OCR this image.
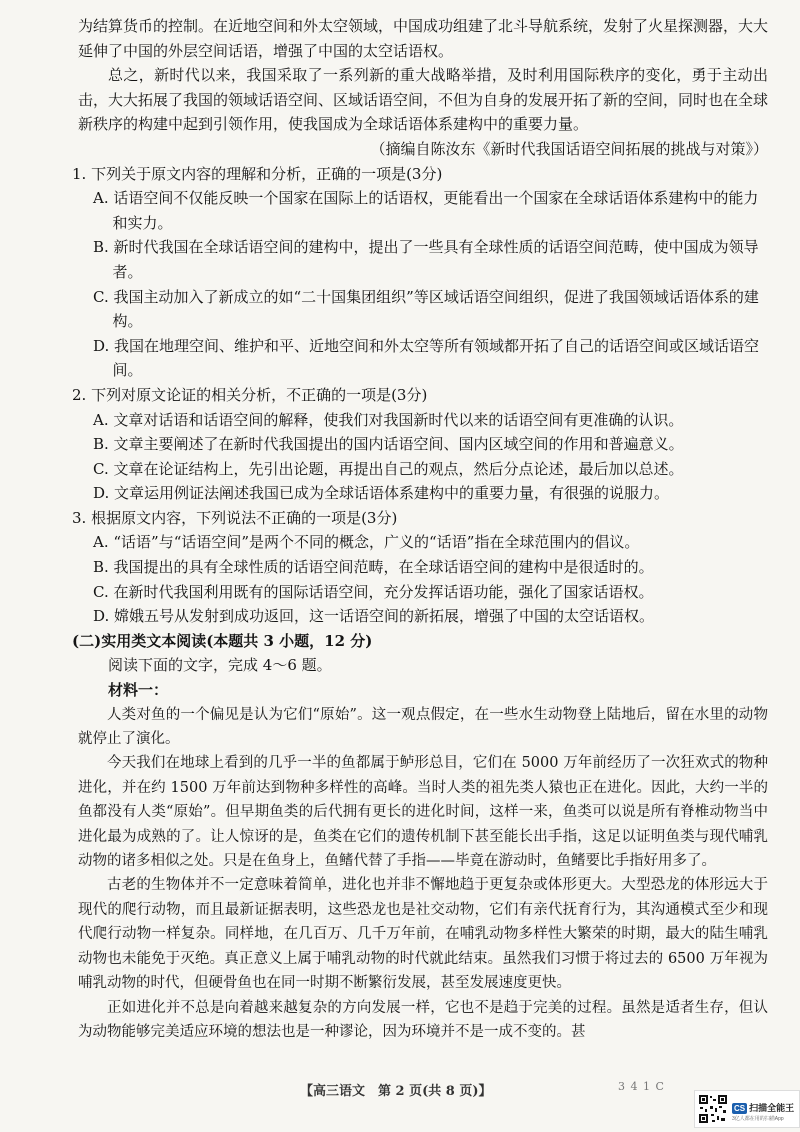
为结算货币的控制。在近地空间和外太空领域，中国成功组建了北斗导航系统，发射了火星探测器，大大延伸了中国的外层空间话语，增强了中国的太空话语权。

总之，新时代以来，我国采取了一系列新的重大战略举措，及时利用国际秩序的变化，勇于主动出击，大大拓展了我国的领域话语空间、区域话语空间，不但为自身的发展开拓了新的空间，同时也在全球新秩序的构建中起到引领作用，使我国成为全球话语体系建构中的重要力量。

（摘编自陈汝东《新时代我国话语空间拓展的挑战与对策》）

1. 下列关于原文内容的理解和分析，正确的一项是(3分)
A. 话语空间不仅能反映一个国家在国际上的话语权，更能看出一个国家在全球话语体系建构中的能力和实力。
B. 新时代我国在全球话语空间的建构中，提出了一些具有全球性质的话语空间范畴，使中国成为领导者。
C. 我国主动加入了新成立的如“二十国集团组织”等区域话语空间组织，促进了我国领域话语体系的建构。
D. 我国在地理空间、维护和平、近地空间和外太空等所有领域都开拓了自己的话语空间或区域话语空间。
2. 下列对原文论证的相关分析，不正确的一项是(3分)
A. 文章对话语和话语空间的解释，使我们对我国新时代以来的话语空间有更准确的认识。
B. 文章主要阐述了在新时代我国提出的国内话语空间、国内区域空间的作用和普遍意义。
C. 文章在论证结构上，先引出论题，再提出自己的观点，然后分点论述，最后加以总述。
D. 文章运用例证法阐述我国已成为全球话语体系建构中的重要力量，有很强的说服力。
3. 根据原文内容，下列说法不正确的一项是(3分)
A. “话语”与“话语空间”是两个不同的概念，广义的“话语”指在全球范围内的倡议。
B. 我国提出的具有全球性质的话语空间范畴，在全球话语空间的建构中是很适时的。
C. 在新时代我国利用既有的国际话语空间，充分发挥话语功能，强化了国家话语权。
D. 嫦娥五号从发射到成功返回，这一话语空间的新拓展，增强了中国的太空话语权。
(二)实用类文本阅读(本题共 3 小题，12 分)
阅读下面的文字，完成 4～6 题。
材料一：

人类对鱼的一个偏见是认为它们“原始”。这一观点假定，在一些水生动物登上陆地后，留在水里的动物就停止了演化。

今天我们在地球上看到的几乎一半的鱼都属于鲈形总目，它们在 5000 万年前经历了一次狂欢式的物种进化，并在约 1500 万年前达到物种多样性的高峰。当时人类的祖先类人猿也正在进化。因此，大约一半的鱼都没有人类“原始”。但早期鱼类的后代拥有更长的进化时间，这样一来，鱼类可以说是所有脊椎动物当中进化最为成熟的了。让人惊讶的是，鱼类在它们的遗传机制下甚至能长出手指，这足以证明鱼类与现代哺乳动物的诸多相似之处。只是在鱼身上，鱼鳍代替了手指——毕竟在游动时，鱼鳍要比手指好用多了。

古老的生物体并不一定意味着简单，进化也并非不懈地趋于更复杂或体形更大。大型恐龙的体形远大于现代的爬行动物，而且最新证据表明，这些恐龙也是社交动物，它们有亲代抚育行为，其沟通模式至少和现代爬行动物一样复杂。同样地，在几百万、几千万年前，在哺乳动物多样性大繁荣的时期，最大的陆生哺乳动物也未能免于灭绝。真正意义上属于哺乳动物的时代就此结束。虽然我们习惯于将过去的 6500 万年视为哺乳动物的时代，但硬骨鱼也在同一时期不断繁衍发展，甚至发展速度更快。

正如进化并不总是向着越来越复杂的方向发展一样，它也不是趋于完美的过程。虽然是适者生存，但认为动物能够完美适应环境的想法也是一种谬论，因为环境并不是一成不变的。甚

【高三语文　第 2 页(共 8 页)】	3 4 1 C
CS 扫描全能王
3亿人都在用的扫描App
